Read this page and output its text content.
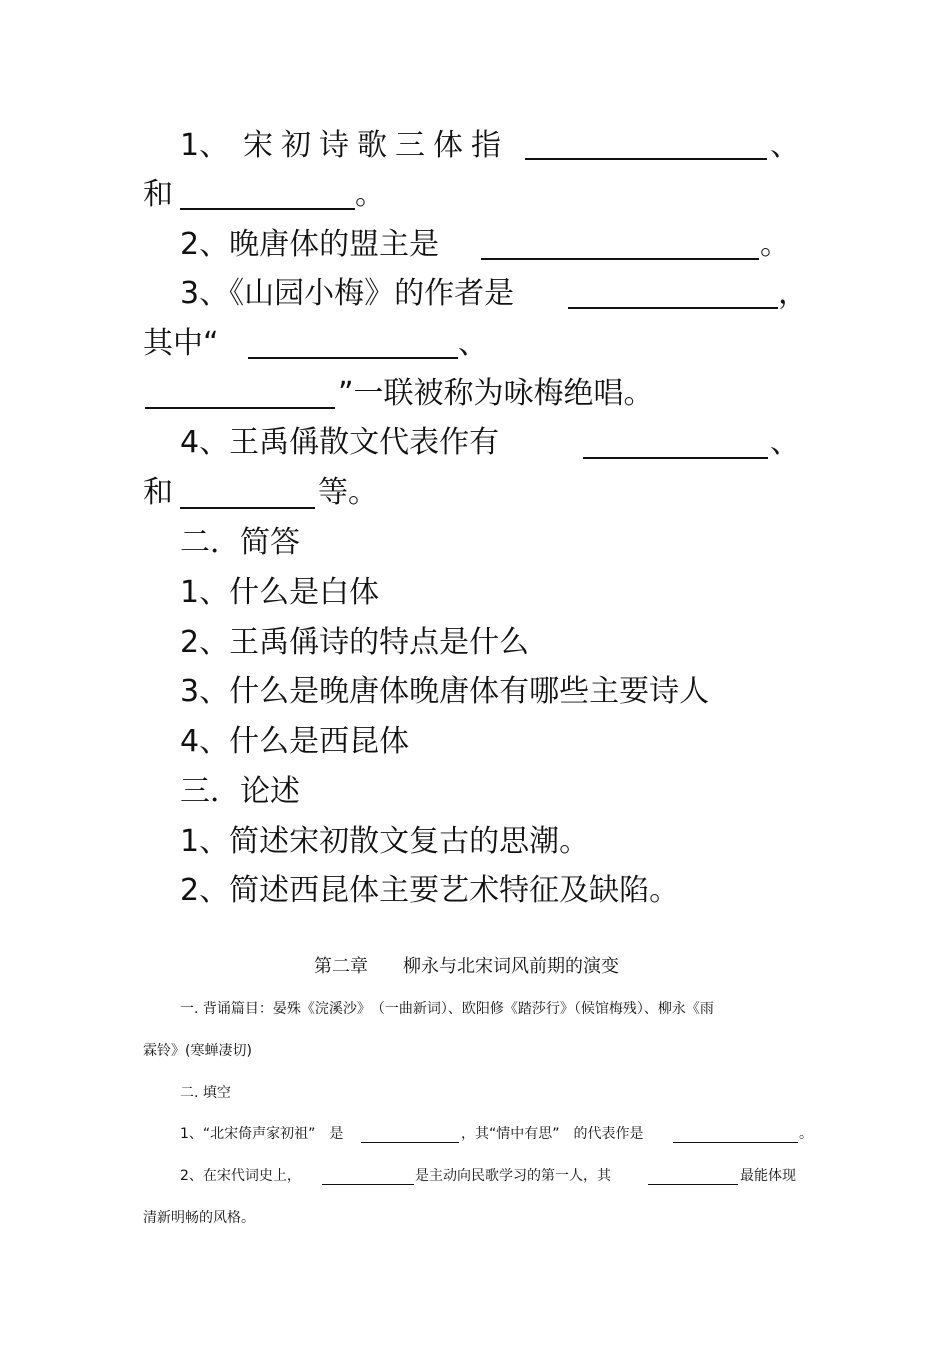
1、 宋初诗歌三体指	、
和	。
2、晚唐体的盟主是	。
3、《山园小梅》的作者是	，
其中“	、
”一联被称为咏梅绝唱。
4、王禹偁散文代表作有	、
和	等。
二．简答
1、什么是白体
2、王禹偁诗的特点是什么
3、什么是晚唐体晚唐体有哪些主要诗人
4、什么是西昆体
三．论述
1、简述宋初散文复古的思潮。
2、简述西昆体主要艺术特征及缺陷。
第二章 柳永与北宋词风前期的演变
一. 背诵篇目：晏殊《浣溪沙》　（一曲新词）、欧阳修《踏莎行》（候馆梅残）、柳永《雨
霖铃》(寒蝉凄切)
二. 填空
1、“北宋倚声家初祖”　是	，其“情中有思”　的代表作是	。
2、在宋代词史上，	是主动向民歌学习的第一人，其	最能体现
清新明畅的风格。
